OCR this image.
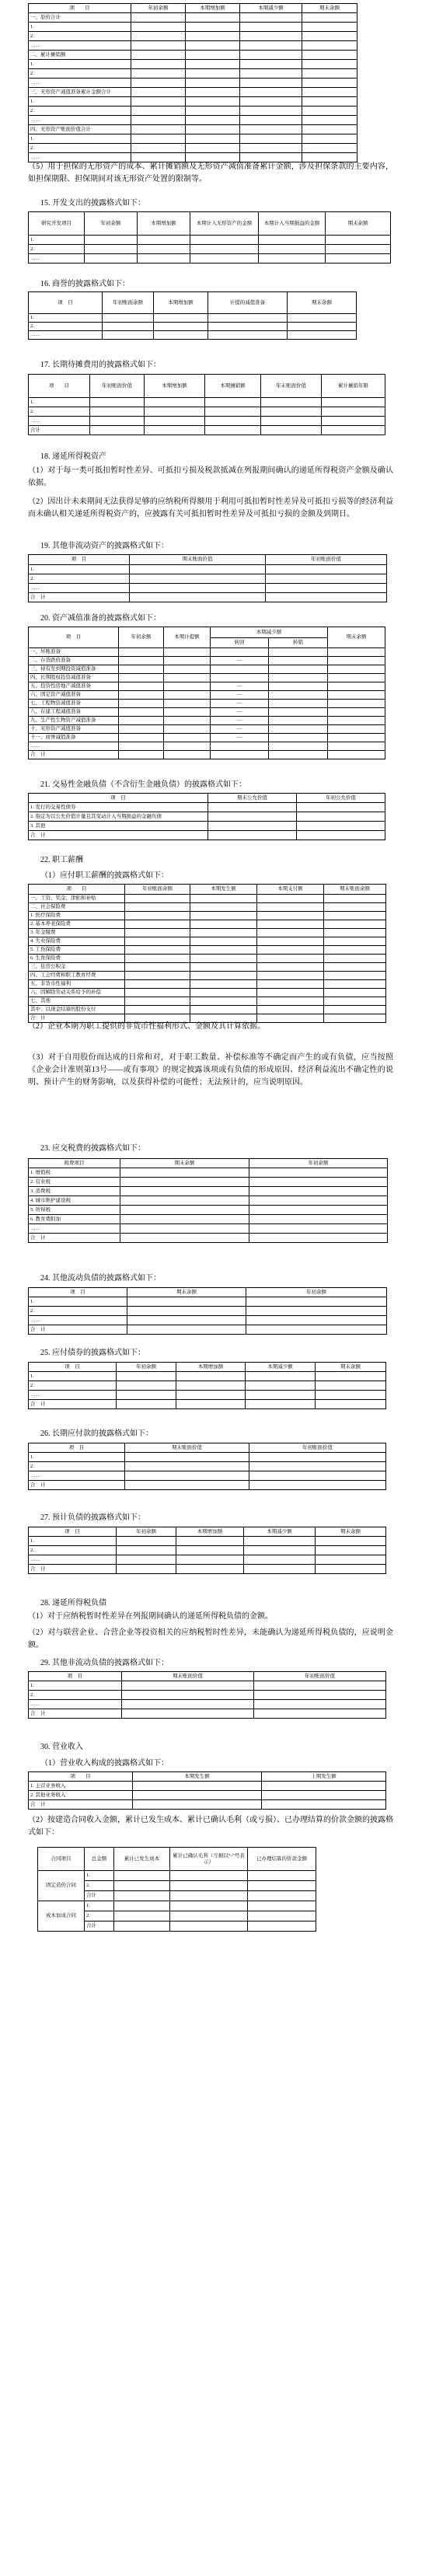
项　　目	年初余额	本期增加额	本期减少额	期末余额
一、原价合计				
1.				
2.				
……				
二、累计摊销额				
1.				
2.				
……				
三、无形资产减值准备累计金额合计				
1.				
2.				
……				
四、无形资产账面价值合计				
1.				
2.				
……				
（5）用于担保的无形资产的成本、累计摊销额及无形资产减值准备累计金额，涉及担保条款的主要内容，如担保期限、担保期间对该无形资产处置的限制等。
15. 开发支出的披露格式如下：
研究开发项目	年初余额	本期增加额	本期计入无形资产的金额	本期计入当期损益的金额	期末余额
1.					
2.					
……					
16. 商誉的披露格式如下：
项　目	年初账面余额	本期增加额	计提的减值准备	期末余额
1.				
2.				
……				
17. 长期待摊费用的披露格式如下：
项　　目	年初账面价值	本期增加额	本期摊销额	年末账面价值	累计摊销年限
1.					
2.					
……					
合计					
18. 递延所得税资产
（1）对于每一类可抵扣暂时性差异、可抵扣亏损及税款抵减在列报期间确认的递延所得税资产金额及确认依据。
（2）因出计未来期间无法获得足够的应纳税所得额用于利用可抵扣暂时性差异及可抵扣亏损等的经济利益而未确认相关递延所得税资产的，应披露有关可抵扣暂时性差异及可抵扣亏损的金额及到期日。
19. 其他非流动资产的披露格式如下：
项　目	期末账面价值	年初账面价值
1.		
2.		
……		
合　计		
20. 资产减值准备的披露格式如下：
项　目	年初余额	本期计提额	本期减少额		期末余额
			转回	转销	
一、坏账准备					
二、存货跌价准备			—		
三、持有至到期投资减值准备					
四、长期股权投资减值准备					
五、投资性房地产减值准备			—		
六、固定资产减值准备			—		
七、工程物资减值准备			—		
八、在建工程减值准备			—		
九、生产性生物资产减值准备			—		
十、无形资产减值准备			—		
十一、商誉减值准备			—		
……					
合　计					
21. 交易性金融负债（不含衍生金融负债）的披露格式如下：
项　目	期末公允价值	年初公允价值
1. 发行的交易性债券		
2. 指定为以公允价值计量且其变动计入当期损益的金融负债		
3. 其他		
合　计		
22. 职工薪酬
（1）应付职工薪酬的披露格式如下：
项　　目	年初账面余额	本期发生额	本期支付额	期末账面余额
一、工资、奖金、津贴和补贴				
二、社会保险费				
1. 医疗保险费				
2. 基本养老保险费				
3. 年金缴费				
4. 失业保险费				
5. 工伤保险费				
6. 生育保险费				
三、住房公积金				
四、工会经费和职工教育经费				
五、非货币性福利				
六、因解除劳动关系给予的补偿				
七、其他				
其中：以现金结算的股份支付				
合　计				
（2）企业本期为职工提供的非货币性福利形式、金额及其计算依据。
（3）对于自用股份而达成的日常和对，对于职工数量、补偿标准等不确定而产生的或有负债，应当按照《企业会计准则第13号——或有事项》的规定披露该项或有负债的形成原因、经济利益流出不确定性的说明、预计产生的财务影响，以及获得补偿的可能性；无法预计的，应当说明原因。
23. 应交税费的披露格式如下：
税费项目	期末余额	年初余额
1. 增值税		
2. 营业税		
3. 消费税		
4. 城市维护建设税		
5. 所得税		
6. 教育费附加		
……		
合　计		
24. 其他流动负债的披露格式如下：
项　目	期末余额	年初余额
1.		
2.		
……		
合　计		
25. 应付债券的披露格式如下：
项　目	年初余额	本期增加额	本期减少额	期末余额
1.				
2.				
……				
合　计				
26. 长期应付款的披露格式如下：
项　目	期末账面价值	年初账面价值
1.		
2.		
……		
合　计		
27. 预计负债的披露格式如下：
项　目	年初余额	本期增加额	本期减少额	期末余额
1.				
2.				
……				
合　计				
28. 递延所得税负债
（1）对于应纳税暂时性差异在列报期间确认的递延所得税负债的金额。
（2）对与联营企业、合营企业等投资相关的应纳税暂时性差异，未能确认为递延所得税负债的，应说明金额。
29. 其他非流动负债的披露格式如下：
项　目	期末账面价值	年初账面价值
1.		
2.		
……		
合　计		
30. 营业收入
（1）营业收入构成的披露格式如下：
项　　目	本期发生额	上期发生额
1. 主营业务收入		
2. 其他业务收入		
合　计		
（2）按建造合同收入金额，累计已发生成本、累计已确认毛利（或亏损）、已办理结算的价款金额的披露格式如下：
合同项目	总金额	累计已发生成本	累计已确认毛利（亏损以“-”号表示）	已办理结算的价款金额
固定造价合同	1.			
	2.			
	合计			
成本加成合同	1.			
	2.			
	合计			
